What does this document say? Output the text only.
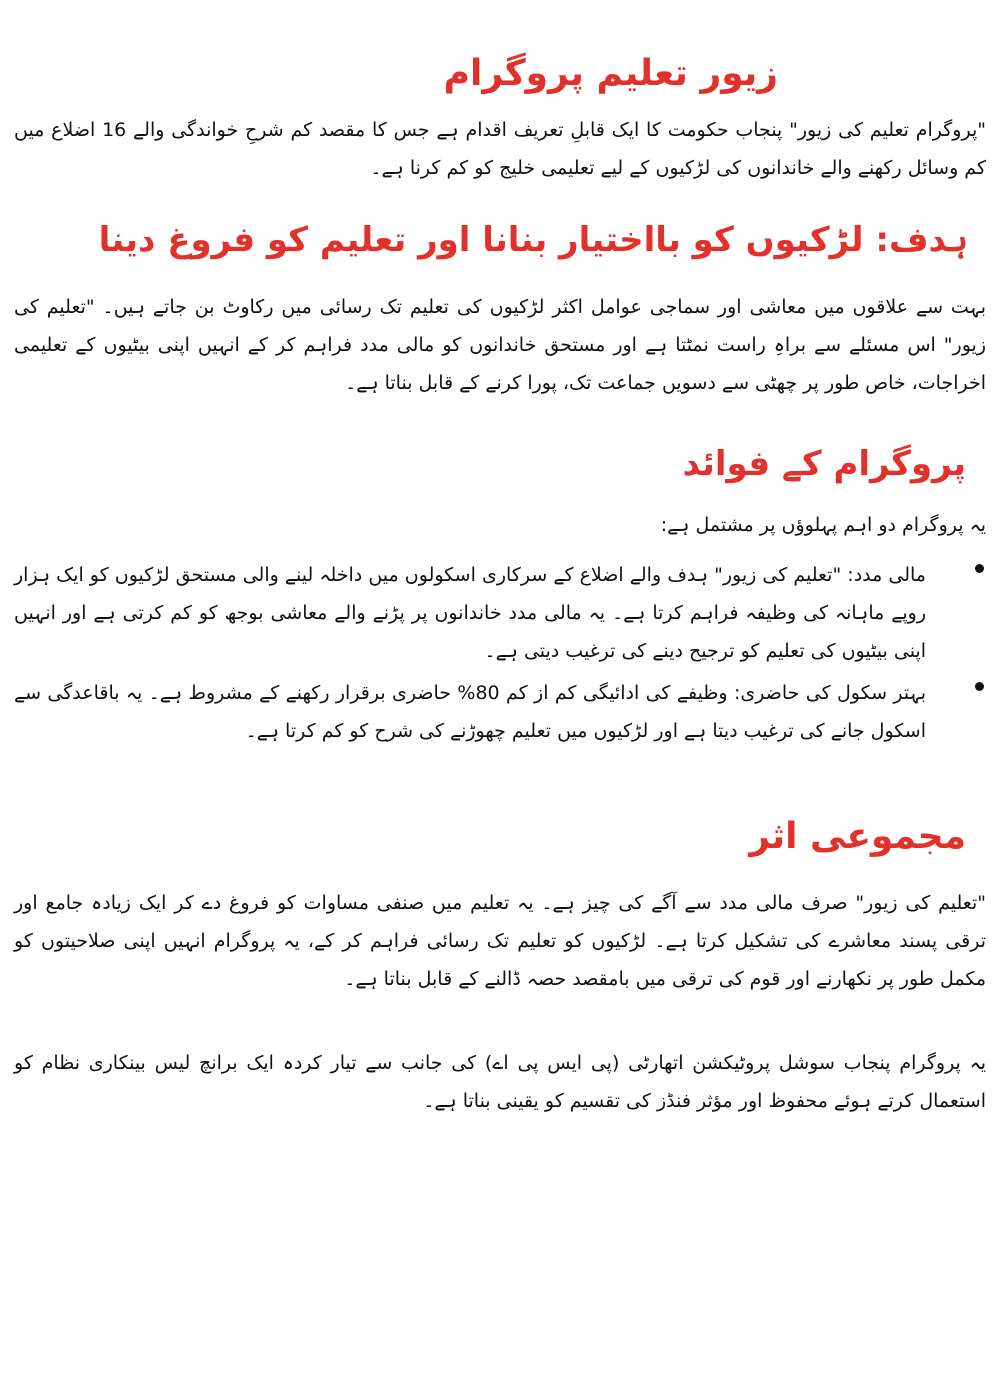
زیور تعلیم پروگرام

"پروگرام تعلیم کی زیور" پنجاب حکومت کا ایک قابلِ تعریف اقدام ہے جس کا مقصد کم شرحِ خواندگی والے 16 اضلاع میں کم وسائل رکھنے والے خاندانوں کی لڑکیوں کے لیے تعلیمی خلیج کو کم کرنا ہے۔

ہدف: لڑکیوں کو بااختیار بنانا اور تعلیم کو فروغ دینا

بہت سے علاقوں میں معاشی اور سماجی عوامل اکثر لڑکیوں کی تعلیم تک رسائی میں رکاوٹ بن جاتے ہیں۔ "تعلیم کی زیور" اس مسئلے سے براہِ راست نمٹتا ہے اور مستحق خاندانوں کو مالی مدد فراہم کر کے انہیں اپنی بیٹیوں کے تعلیمی اخراجات، خاص طور پر چھٹی سے دسویں جماعت تک، پورا کرنے کے قابل بناتا ہے۔

پروگرام کے فوائد

یہ پروگرام دو اہم پہلوؤں پر مشتمل ہے:

مالی مدد: "تعلیم کی زیور" ہدف والے اضلاع کے سرکاری اسکولوں میں داخلہ لینے والی مستحق لڑکیوں کو ایک ہزار روپے ماہانہ کی وظیفہ فراہم کرتا ہے۔ یہ مالی مدد خاندانوں پر پڑنے والے معاشی بوجھ کو کم کرتی ہے اور انہیں اپنی بیٹیوں کی تعلیم کو ترجیح دینے کی ترغیب دیتی ہے۔
بہتر سکول کی حاضری: وظیفے کی ادائیگی کم از کم 80% حاضری برقرار رکھنے کے مشروط ہے۔ یہ باقاعدگی سے اسکول جانے کی ترغیب دیتا ہے اور لڑکیوں میں تعلیم چھوڑنے کی شرح کو کم کرتا ہے۔
مجموعی اثر

"تعلیم کی زیور" صرف مالی مدد سے آگے کی چیز ہے۔ یہ تعلیم میں صنفی مساوات کو فروغ دے کر ایک زیادہ جامع اور ترقی پسند معاشرے کی تشکیل کرتا ہے۔ لڑکیوں کو تعلیم تک رسائی فراہم کر کے، یہ پروگرام انہیں اپنی صلاحیتوں کو مکمل طور پر نکھارنے اور قوم کی ترقی میں بامقصد حصہ ڈالنے کے قابل بناتا ہے۔

یہ پروگرام پنجاب سوشل پروٹیکشن اتھارٹی (پی ایس پی اے) کی جانب سے تیار کردہ ایک برانچ لیس بینکاری نظام کو استعمال کرتے ہوئے محفوظ اور مؤثر فنڈز کی تقسیم کو یقینی بناتا ہے۔
